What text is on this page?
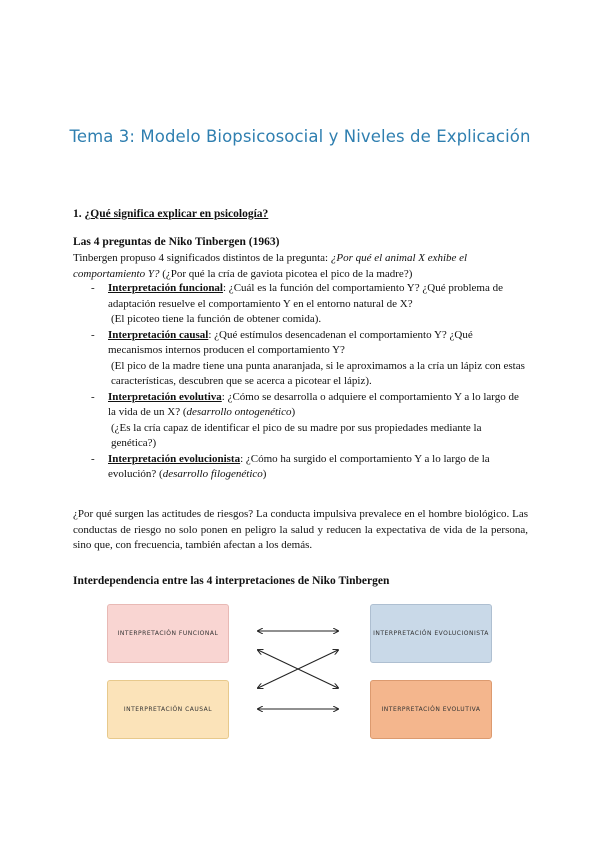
Tema 3: Modelo Biopsicosocial y Niveles de Explicación
1. ¿Qué significa explicar en psicología?
Las 4 preguntas de Niko Tinbergen (1963)
Tinbergen propuso 4 significados distintos de la pregunta: ¿Por qué el animal X exhibe el comportamiento Y? (¿Por qué la cría de gaviota picotea el pico de la madre?)
- Interpretación funcional: ¿Cuál es la función del comportamiento Y? ¿Qué problema de adaptación resuelve el comportamiento Y en el entorno natural de X?
(El picoteo tiene la función de obtener comida).
- Interpretación causal: ¿Qué estímulos desencadenan el comportamiento Y? ¿Qué mecanismos internos producen el comportamiento Y?
(El pico de la madre tiene una punta anaranjada, si le aproximamos a la cría un lápiz con estas características, descubren que se acerca a picotear el lápiz).
- Interpretación evolutiva: ¿Cómo se desarrolla o adquiere el comportamiento Y a lo largo de la vida de un X? (desarrollo ontogenético)
(¿Es la cría capaz de identificar el pico de su madre por sus propiedades mediante la genética?)
- Interpretación evolucionista: ¿Cómo ha surgido el comportamiento Y a lo largo de la evolución? (desarrollo filogenético)
¿Por qué surgen las actitudes de riesgos? La conducta impulsiva prevalece en el hombre biológico. Las conductas de riesgo no solo ponen en peligro la salud y reducen la expectativa de vida de la persona, sino que, con frecuencia, también afectan a los demás.
Interdependencia entre las 4 interpretaciones de Niko Tinbergen
INTERPRETACIÓN FUNCIONAL	INTERPRETACIÓN EVOLUCIONISTA
INTERPRETACIÓN CAUSAL	INTERPRETACIÓN EVOLUTIVA
